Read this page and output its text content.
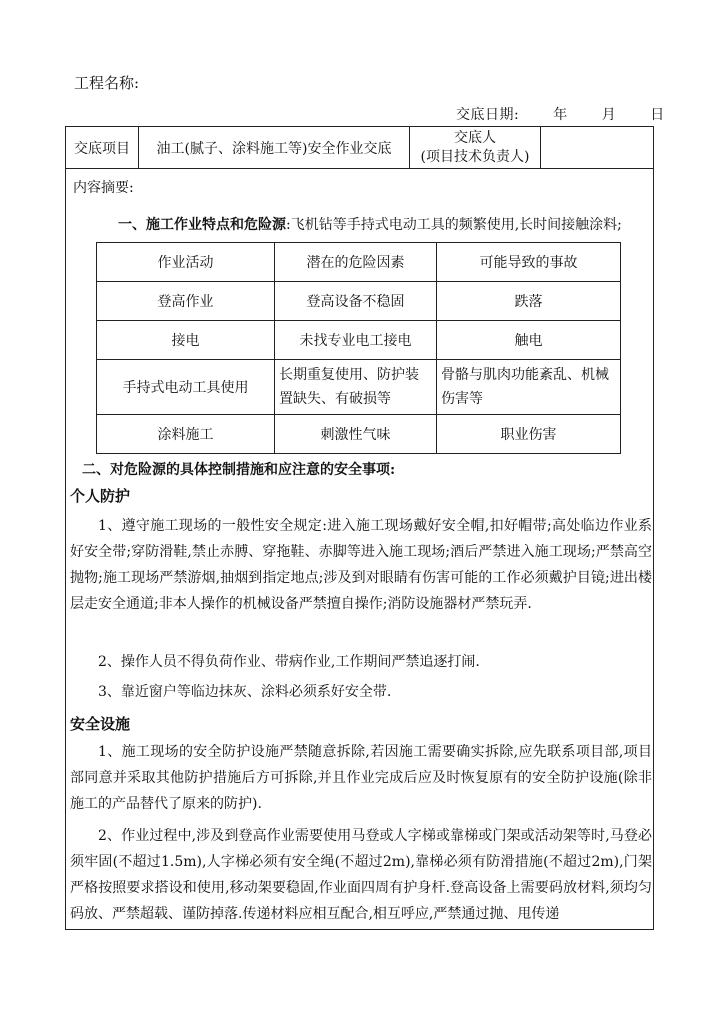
工程名称:
交底日期: 年 月 日
交底项目	油工(腻子、涂料施工等)安全作业交底
交底人
(项目技术负责人)
内容摘要:
一、施工作业特点和危险源:飞机钻等手持式电动工具的频繁使用,长时间接触涂料;
作业活动	潜在的危险因素	可能导致的事故
登高作业	登高设备不稳固	跌落
接电	未找专业电工接电	触电
手持式电动工具使用	长期重复使用、防护装置缺失、有破损等	骨骼与肌肉功能紊乱、机械伤害等
涂料施工	刺激性气味	职业伤害
二、对危险源的具体控制措施和应注意的安全事项:
个人防护
1、遵守施工现场的一般性安全规定:进入施工现场戴好安全帽,扣好帽带;高处临边作业系好安全带;穿防滑鞋,禁止赤膊、穿拖鞋、赤脚等进入施工现场;酒后严禁进入施工现场;严禁高空抛物;施工现场严禁游烟,抽烟到指定地点;涉及到对眼睛有伤害可能的工作必须戴护目镜;进出楼层走安全通道;非本人操作的机械设备严禁擅自操作;消防设施器材严禁玩弄.
2、操作人员不得负荷作业、带病作业,工作期间严禁追逐打闹.
3、靠近窗户等临边抹灰、涂料必须系好安全带.
安全设施
1、施工现场的安全防护设施严禁随意拆除,若因施工需要确实拆除,应先联系项目部,项目部同意并采取其他防护措施后方可拆除,并且作业完成后应及时恢复原有的安全防护设施(除非施工的产品替代了原来的防护).
2、作业过程中,涉及到登高作业需要使用马登或人字梯或靠梯或门架或活动架等时,马登必须牢固(不超过1.5m),人字梯必须有安全绳(不超过2m),靠梯必须有防滑措施(不超过2m),门架严格按照要求搭设和使用,移动架要稳固,作业面四周有护身杆.登高设备上需要码放材料,须均匀码放、严禁超载、谨防掉落.传递材料应相互配合,相互呼应,严禁通过抛、甩传递
